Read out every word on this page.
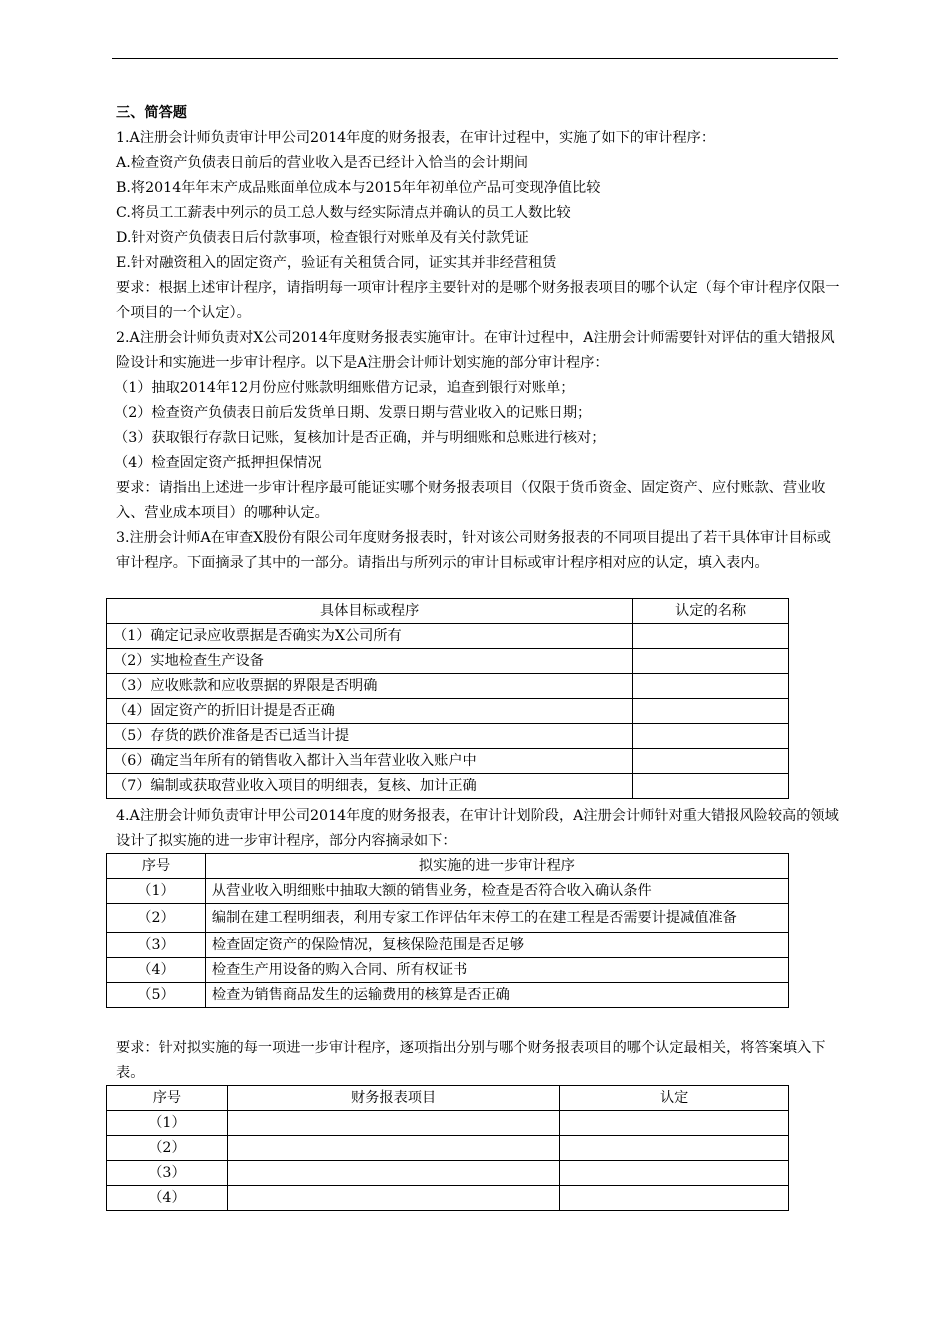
三、简答题

1.A注册会计师负责审计甲公司2014年度的财务报表，在审计过程中，实施了如下的审计程序：

A.检查资产负债表日前后的营业收入是否已经计入恰当的会计期间

B.将2014年年末产成品账面单位成本与2015年年初单位产品可变现净值比较

C.将员工工薪表中列示的员工总人数与经实际清点并确认的员工人数比较

D.针对资产负债表日后付款事项，检查银行对账单及有关付款凭证

E.针对融资租入的固定资产，验证有关租赁合同，证实其并非经营租赁

要求：根据上述审计程序，请指明每一项审计程序主要针对的是哪个财务报表项目的哪个认定（每个审计程序仅限一个项目的一个认定）。

2.A注册会计师负责对X公司2014年度财务报表实施审计。在审计过程中，A注册会计师需要针对评估的重大错报风险设计和实施进一步审计程序。以下是A注册会计师计划实施的部分审计程序：

（1）抽取2014年12月份应付账款明细账借方记录，追查到银行对账单；

（2）检查资产负债表日前后发货单日期、发票日期与营业收入的记账日期；

（3）获取银行存款日记账，复核加计是否正确，并与明细账和总账进行核对；

（4）检查固定资产抵押担保情况

要求：请指出上述进一步审计程序最可能证实哪个财务报表项目（仅限于货币资金、固定资产、应付账款、营业收入、营业成本项目）的哪种认定。

3.注册会计师A在审查X股份有限公司年度财务报表时，针对该公司财务报表的不同项目提出了若干具体审计目标或审计程序。下面摘录了其中的一部分。请指出与所列示的审计目标或审计程序相对应的认定，填入表内。

具体目标或程序	认定的名称
（1）确定记录应收票据是否确实为X公司所有	
（2）实地检查生产设备	
（3）应收账款和应收票据的界限是否明确	
（4）固定资产的折旧计提是否正确	
（5）存货的跌价准备是否已适当计提	
（6）确定当年所有的销售收入都计入当年营业收入账户中	
（7）编制或获取营业收入项目的明细表，复核、加计正确	

4.A注册会计师负责审计甲公司2014年度的财务报表，在审计计划阶段，A注册会计师针对重大错报风险较高的领域设计了拟实施的进一步审计程序，部分内容摘录如下：

序号	拟实施的进一步审计程序
（1）	从营业收入明细账中抽取大额的销售业务，检查是否符合收入确认条件
（2）	编制在建工程明细表，利用专家工作评估年末停工的在建工程是否需要计提减值准备
（3）	检查固定资产的保险情况，复核保险范围是否足够
（4）	检查生产用设备的购入合同、所有权证书
（5）	检查为销售商品发生的运输费用的核算是否正确

要求：针对拟实施的每一项进一步审计程序，逐项指出分别与哪个财务报表项目的哪个认定最相关，将答案填入下表。

序号	财务报表项目	认定
（1）		
（2）		
（3）		
（4）		
